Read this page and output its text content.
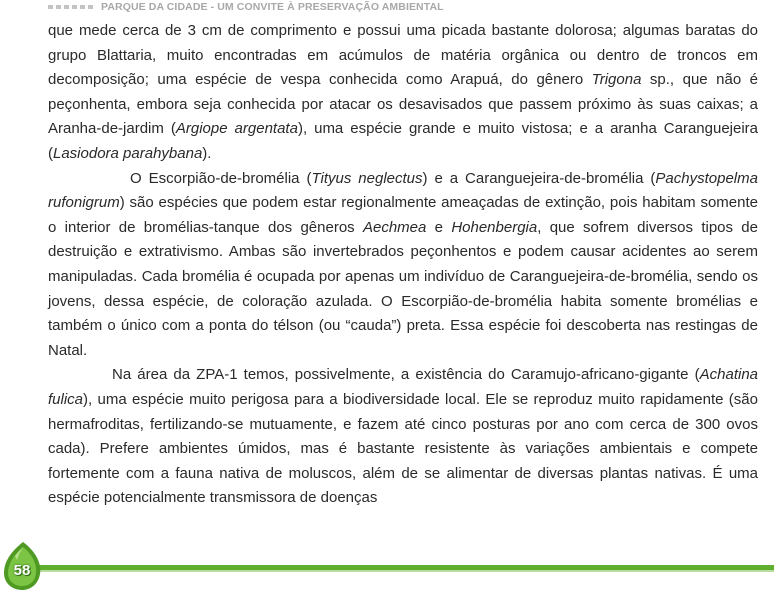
PARQUE DA CIDADE - UM CONVITE À PRESERVAÇÃO AMBIENTAL

que mede cerca de 3 cm de comprimento e possui uma picada bastante dolorosa; algumas baratas do grupo Blattaria, muito encontradas em acúmulos de matéria orgânica ou dentro de troncos em decomposição; uma espécie de vespa conhecida como Arapuá, do gênero Trigona sp., que não é peçonhenta, embora seja conhecida por atacar os desavisados que passem próximo às suas caixas; a Aranha-de-jardim (Argiope argentata), uma espécie grande e muito vistosa; e a aranha Caranguejeira (Lasiodora parahybana).

O Escorpião-de-bromélia (Tityus neglectus) e a Caranguejeira-de-bromélia (Pachystopelma rufonigrum) são espécies que podem estar regionalmente ameaçadas de extinção, pois habitam somente o interior de bromélias-tanque dos gêneros Aechmea e Hohenbergia, que sofrem diversos tipos de destruição e extrativismo. Ambas são invertebrados peçonhentos e podem causar acidentes ao serem manipuladas. Cada bromélia é ocupada por apenas um indivíduo de Caranguejeira-de-bromélia, sendo os jovens, dessa espécie, de coloração azulada. O Escorpião-de-bromélia habita somente bromélias e também o único com a ponta do télson (ou “cauda”) preta. Essa espécie foi descoberta nas restingas de Natal.

Na área da ZPA-1 temos, possivelmente, a existência do Caramujo-africano-gigante (Achatina fulica), uma espécie muito perigosa para a biodiversidade local. Ele se reproduz muito rapidamente (são hermafroditas, fertilizando-se mutuamente, e fazem até cinco posturas por ano com cerca de 300 ovos cada). Prefere ambientes úmidos, mas é bastante resistente às variações ambientais e compete fortemente com a fauna nativa de moluscos, além de se alimentar de diversas plantas nativas. É uma espécie potencialmente transmissora de doenças

58
